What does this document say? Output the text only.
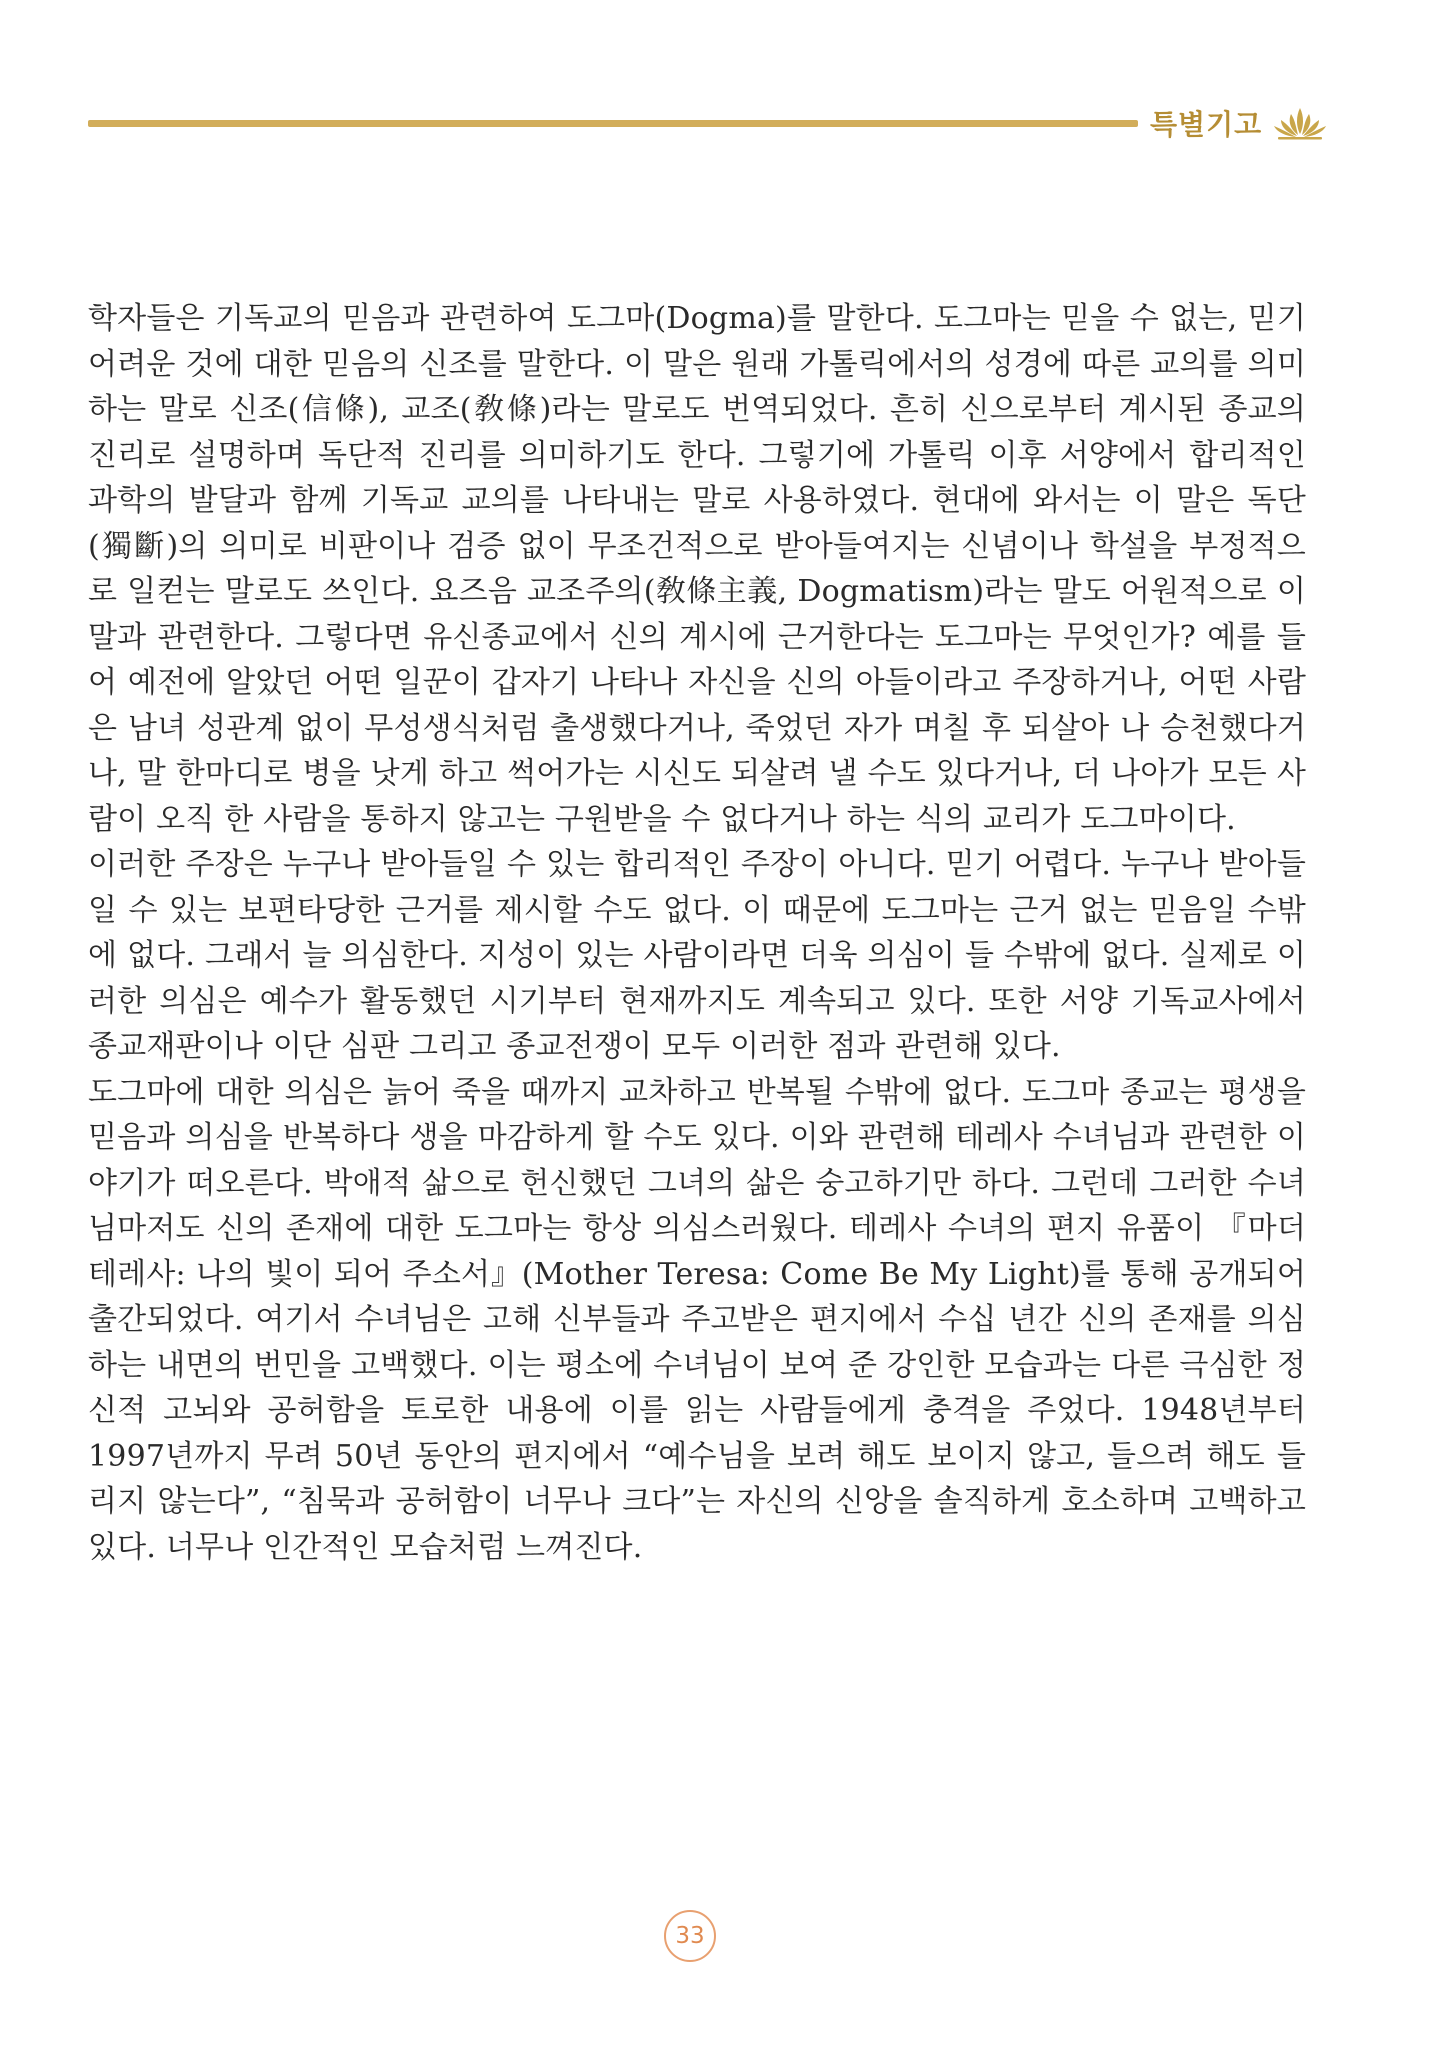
특별기고

학자들은 기독교의 믿음과 관련하여 도그마(Dogma)를 말한다. 도그마는 믿을 수 없는, 믿기 어려운 것에 대한 믿음의 신조를 말한다. 이 말은 원래 가톨릭에서의 성경에 따른 교의를 의미하는 말로 신조(信條), 교조(敎條)라는 말로도 번역되었다. 흔히 신으로부터 계시된 종교의 진리로 설명하며 독단적 진리를 의미하기도 한다. 그렇기에 가톨릭 이후 서양에서 합리적인 과학의 발달과 함께 기독교 교의를 나타내는 말로 사용하였다. 현대에 와서는 이 말은 독단(獨斷)의 의미로 비판이나 검증 없이 무조건적으로 받아들여지는 신념이나 학설을 부정적으로 일컫는 말로도 쓰인다. 요즈음 교조주의(敎條主義, Dogmatism)라는 말도 어원적으로 이 말과 관련한다. 그렇다면 유신종교에서 신의 계시에 근거한다는 도그마는 무엇인가? 예를 들어 예전에 알았던 어떤 일꾼이 갑자기 나타나 자신을 신의 아들이라고 주장하거나, 어떤 사람은 남녀 성관계 없이 무성생식처럼 출생했다거나, 죽었던 자가 며칠 후 되살아 나 승천했다거나, 말 한마디로 병을 낫게 하고 썩어가는 시신도 되살려 낼 수도 있다거나, 더 나아가 모든 사람이 오직 한 사람을 통하지 않고는 구원받을 수 없다거나 하는 식의 교리가 도그마이다.

이러한 주장은 누구나 받아들일 수 있는 합리적인 주장이 아니다. 믿기 어렵다. 누구나 받아들일 수 있는 보편타당한 근거를 제시할 수도 없다. 이 때문에 도그마는 근거 없는 믿음일 수밖에 없다. 그래서 늘 의심한다. 지성이 있는 사람이라면 더욱 의심이 들 수밖에 없다. 실제로 이러한 의심은 예수가 활동했던 시기부터 현재까지도 계속되고 있다. 또한 서양 기독교사에서 종교재판이나 이단 심판 그리고 종교전쟁이 모두 이러한 점과 관련해 있다.

도그마에 대한 의심은 늙어 죽을 때까지 교차하고 반복될 수밖에 없다. 도그마 종교는 평생을 믿음과 의심을 반복하다 생을 마감하게 할 수도 있다. 이와 관련해 테레사 수녀님과 관련한 이야기가 떠오른다. 박애적 삶으로 헌신했던 그녀의 삶은 숭고하기만 하다. 그런데 그러한 수녀님마저도 신의 존재에 대한 도그마는 항상 의심스러웠다. 테레사 수녀의 편지 유품이 『마더 테레사: 나의 빛이 되어 주소서』(Mother Teresa: Come Be My Light)를 통해 공개되어 출간되었다. 여기서 수녀님은 고해 신부들과 주고받은 편지에서 수십 년간 신의 존재를 의심하는 내면의 번민을 고백했다. 이는 평소에 수녀님이 보여 준 강인한 모습과는 다른 극심한 정신적 고뇌와 공허함을 토로한 내용에 이를 읽는 사람들에게 충격을 주었다. 1948년부터 1997년까지 무려 50년 동안의 편지에서 “예수님을 보려 해도 보이지 않고, 들으려 해도 들리지 않는다”, “침묵과 공허함이 너무나 크다”는 자신의 신앙을 솔직하게 호소하며 고백하고 있다. 너무나 인간적인 모습처럼 느껴진다.

33
